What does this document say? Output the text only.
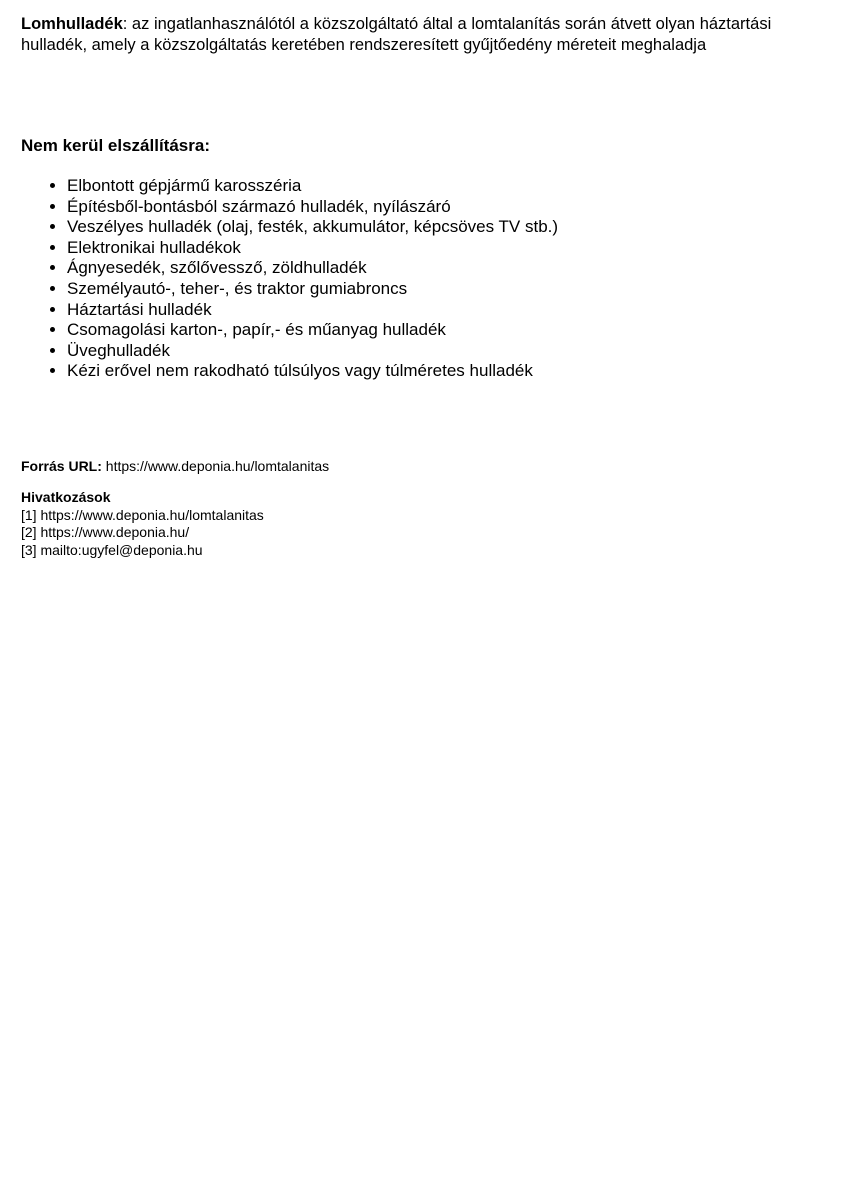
Lomhulladék: az ingatlanhasználótól a közszolgáltató által a lomtalanítás során átvett olyan háztartási hulladék, amely a közszolgáltatás keretében rendszeresített gyűjtőedény méreteit meghaladja

Nem kerül elszállításra:
• Elbontott gépjármű karosszéria
• Építésből-bontásból származó hulladék, nyílászáró
• Veszélyes hulladék (olaj, festék, akkumulátor, képcsöves TV stb.)
• Elektronikai hulladékok
• Ágnyesedék, szőlővessző, zöldhulladék
• Személyautó-, teher-, és traktor gumiabroncs
• Háztartási hulladék
• Csomagolási karton-, papír,- és műanyag hulladék
• Üveghulladék
• Kézi erővel nem rakodható túlsúlyos vagy túlméretes hulladék

Forrás URL: https://www.deponia.hu/lomtalanitas

Hivatkozások
[1] https://www.deponia.hu/lomtalanitas
[2] https://www.deponia.hu/
[3] mailto:ugyfel@deponia.hu
